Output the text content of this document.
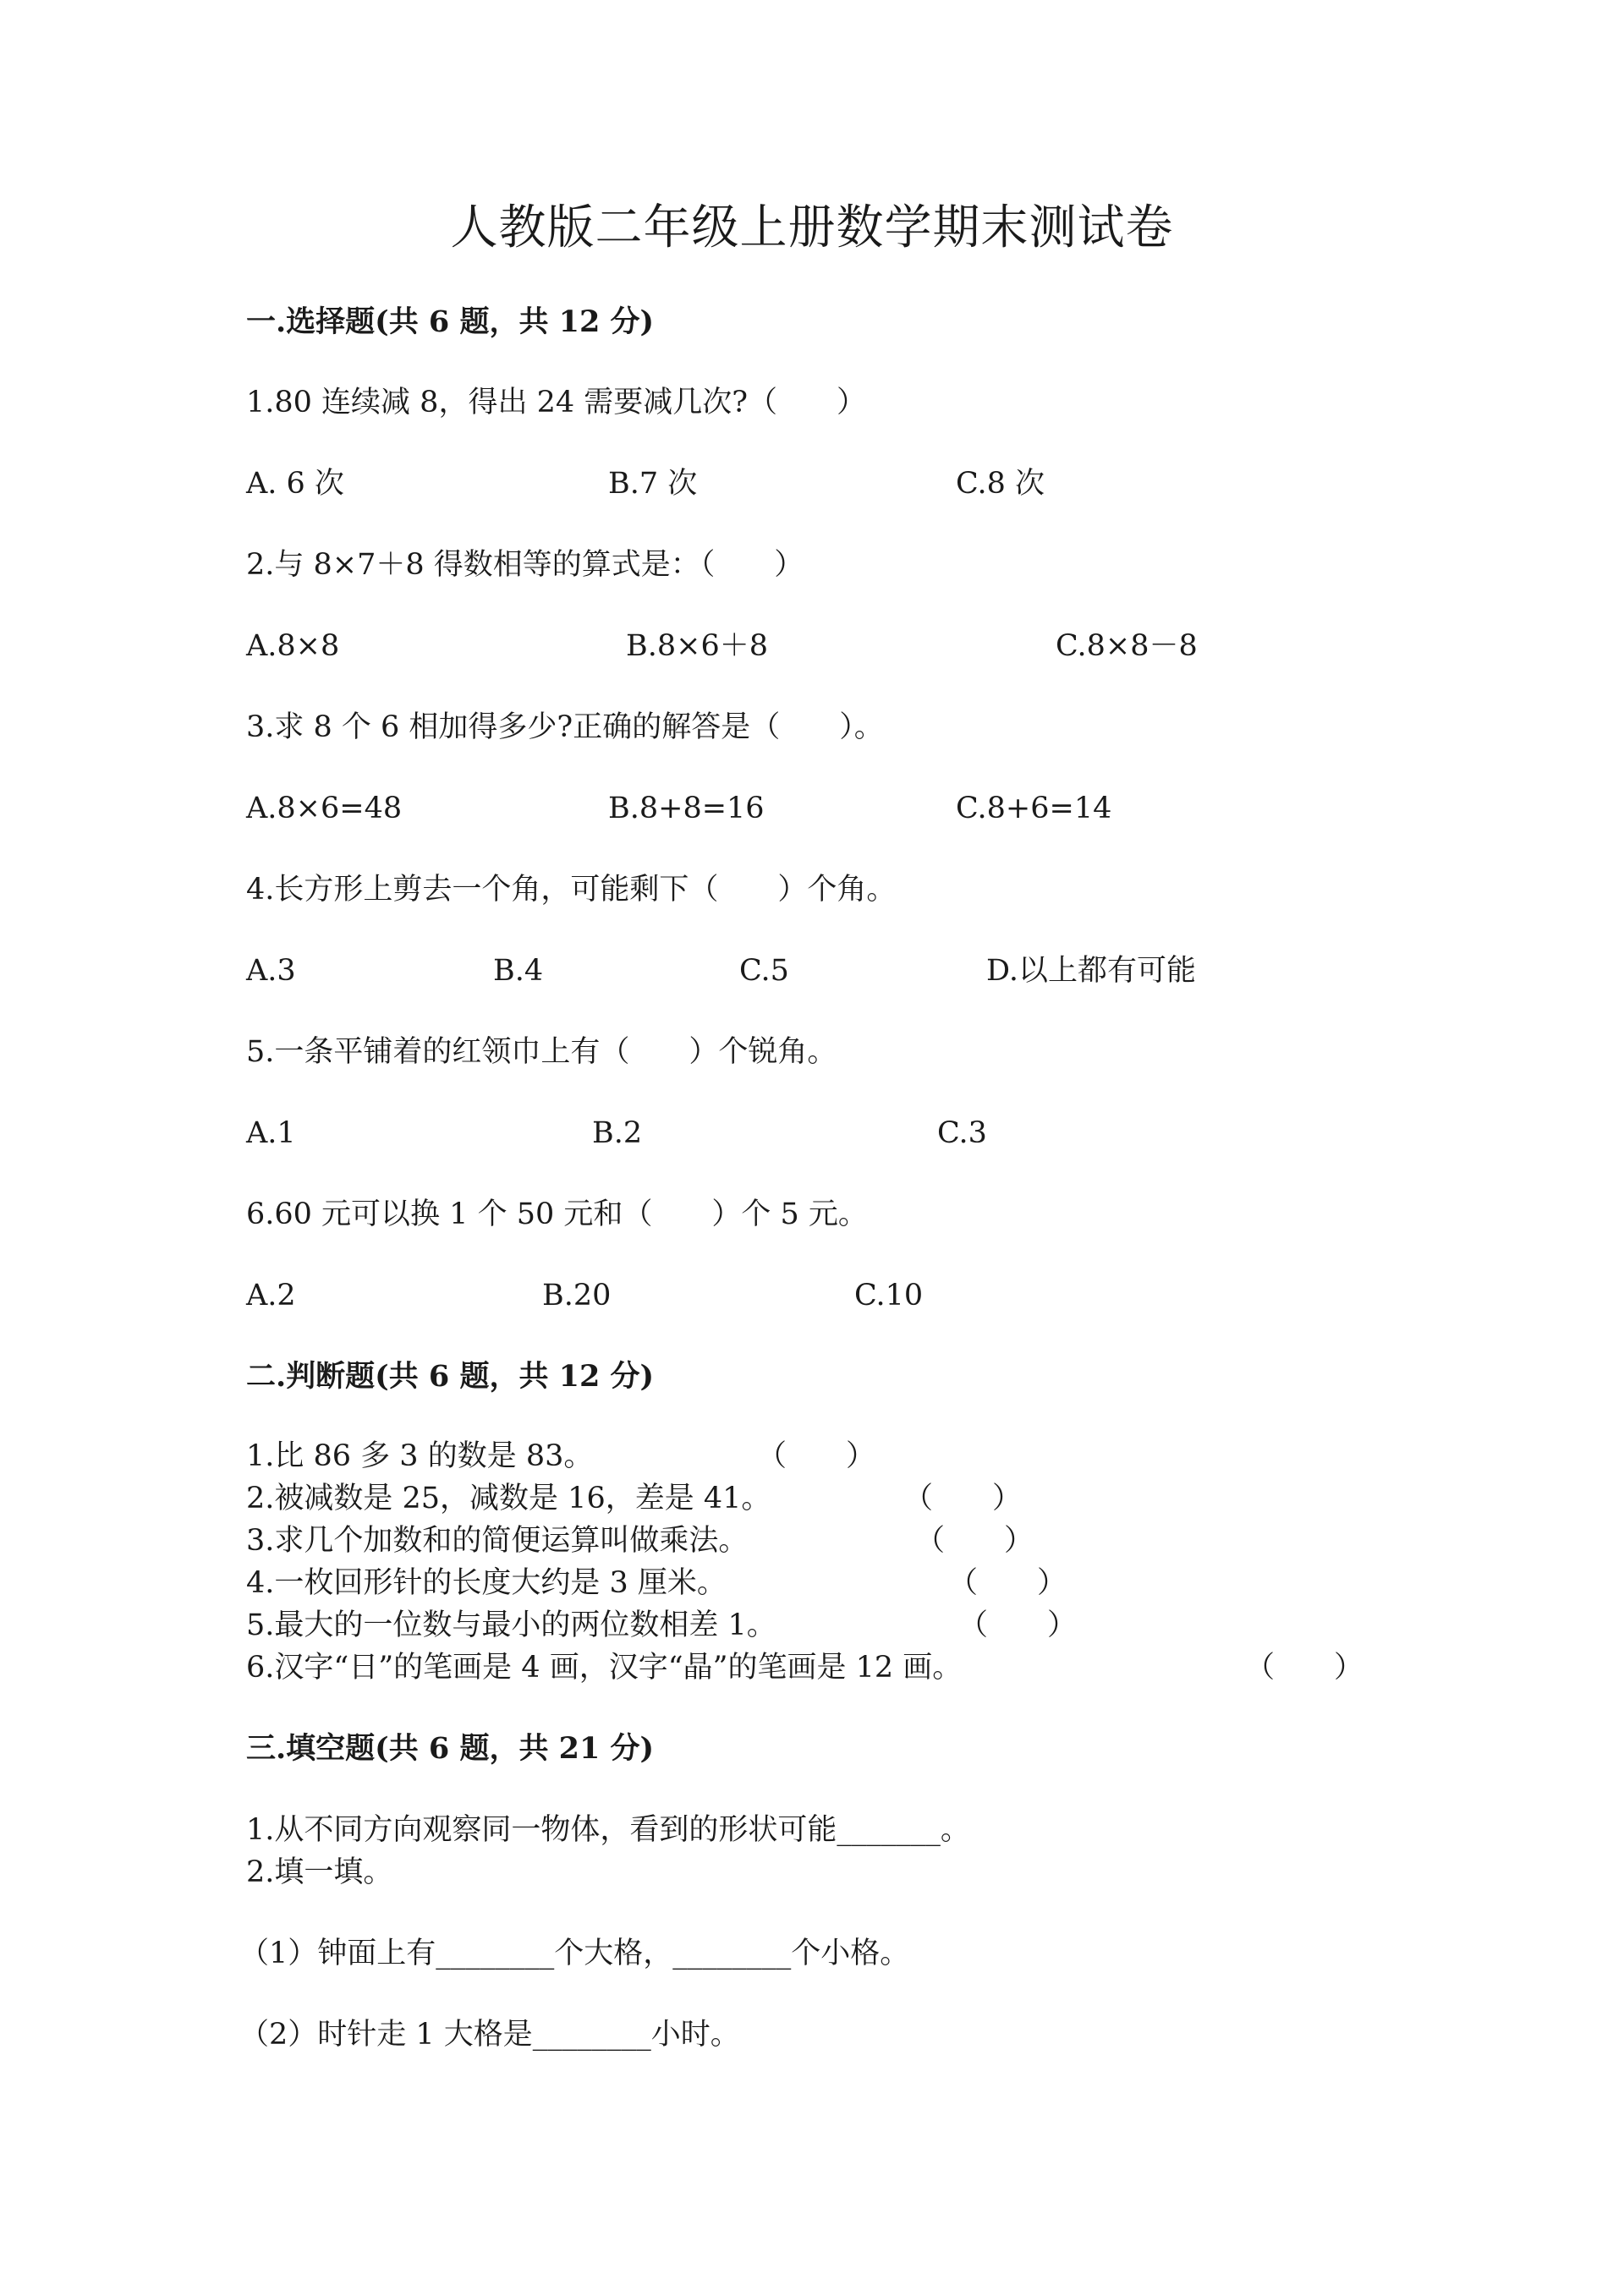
人教版二年级上册数学期末测试卷
一.选择题(共 6 题，共 12 分)
1.80 连续减 8，得出 24 需要减几次?（　　）
A. 6 次	B.7 次	C.8 次
2.与 8×7＋8 得数相等的算式是：（　　）
A.8×8	B.8×6＋8	C.8×8－8
3.求 8 个 6 相加得多少?正确的解答是（　　）。
A.8×6=48	B.8+8=16	C.8+6=14
4.长方形上剪去一个角，可能剩下（　　）个角。
A.3	B.4	C.5	D.以上都有可能
5.一条平铺着的红领巾上有（　　）个锐角。
A.1	B.2	C.3
6.60 元可以换 1 个 50 元和（　　）个 5 元。
A.2	B.20	C.10
二.判断题(共 6 题，共 12 分)
1.比 86 多 3 的数是 83。	（　　）
2.被减数是 25，减数是 16，差是 41。	（　　）
3.求几个加数和的简便运算叫做乘法。	（　　）
4.一枚回形针的长度大约是 3 厘米。	（　　）
5.最大的一位数与最小的两位数相差 1。	（　　）
6.汉字“日”的笔画是 4 画，汉字“晶”的笔画是 12 画。	（　　）
三.填空题(共 6 题，共 21 分)
1.从不同方向观察同一物体，看到的形状可能_______。
2.填一填。
（1）钟面上有________个大格，________个小格。
（2）时针走 1 大格是________小时。
